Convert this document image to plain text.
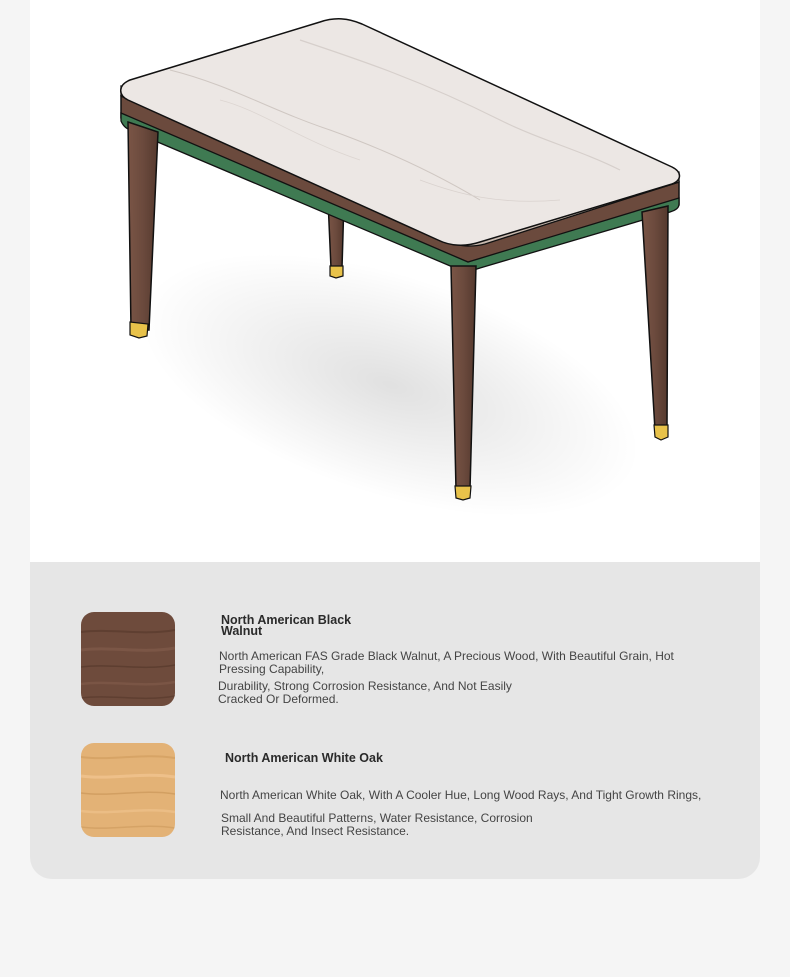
North American Black
Walnut
North American FAS Grade Black Walnut, A Precious Wood, With Beautiful Grain, Hot
Pressing Capability,
Durability, Strong Corrosion Resistance, And Not Easily
Cracked Or Deformed.
North American White Oak
North American White Oak, With A Cooler Hue, Long Wood Rays, And Tight Growth Rings,
Small And Beautiful Patterns, Water Resistance, Corrosion
Resistance, And Insect Resistance.
